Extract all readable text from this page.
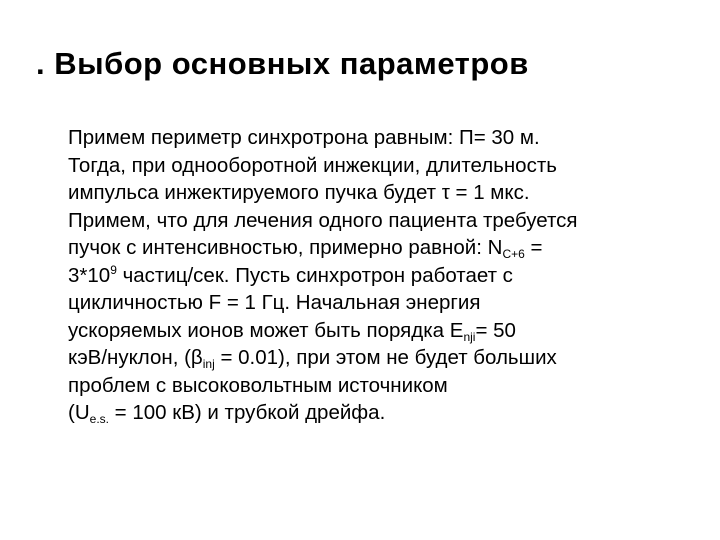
. Выбор основных параметров
Примем периметр синхротрона равным: П= 30 м.
Тогда, при однооборотной инжекции, длительность
импульса инжектируемого пучка будет τ = 1 мкс.
Примем, что для лечения одного пациента требуется
пучок с интенсивностью, примерно равной: $N_{C+6}$ =
$3*10^9$ частиц/сек. Пусть синхротрон работает с
цикличностью F = 1 Гц. Начальная энергия
ускоряемых ионов может быть порядка $E_{nji}= 50$
кэВ/нуклон, $(\beta_{inj} = 0.01)$, при этом не будет больших
проблем с высоковольтным источником
($U_{e.s.} = 100$ кВ) и трубкой дрейфа.
